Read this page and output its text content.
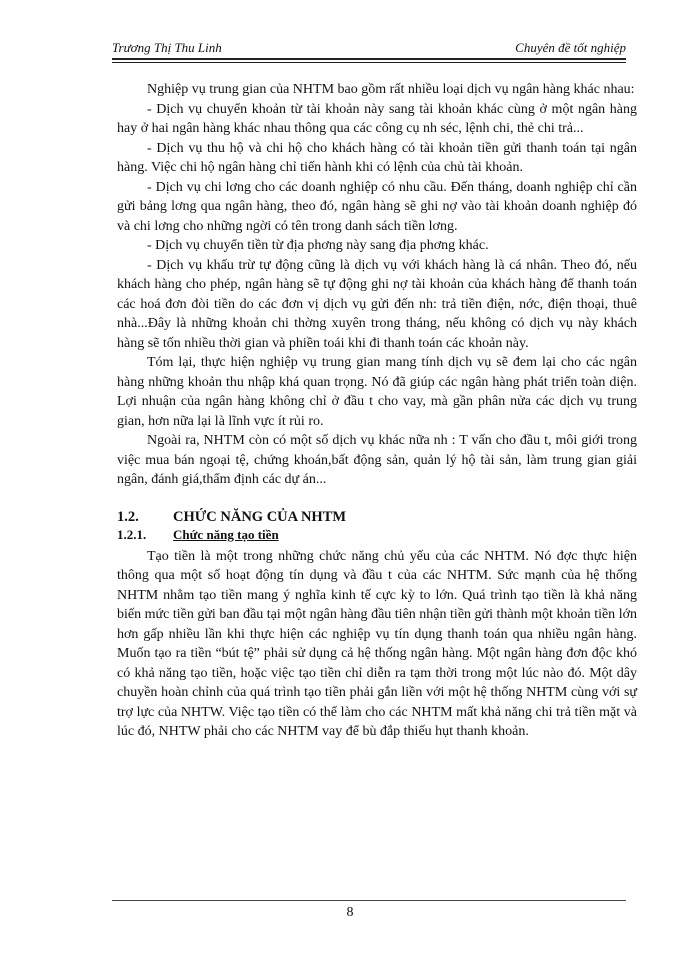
Trương Thị Thu Linh	Chuyên đề tốt nghiệp

Nghiệp vụ trung gian của NHTM bao gồm rất nhiều loại dịch vụ ngân hàng khác nhau:

- Dịch vụ chuyển khoản từ tài khoản này sang tài khoản khác cùng ở một ngân hàng hay ở hai ngân hàng khác nhau thông qua các công cụ nh séc, lệnh chi, thẻ chi trả...

- Dịch vụ thu hộ và chi hộ cho khách hàng có tài khoản tiền gửi thanh toán tại ngân hàng. Việc chi hộ ngân hàng chỉ tiến hành khi có lệnh của chủ tài khoản.

- Dịch vụ chi lơng cho các doanh nghiệp có nhu cầu. Đến tháng, doanh nghiệp chỉ cần gửi bảng lơng qua ngân hàng, theo đó, ngân hàng sẽ ghi nợ vào tài khoản doanh nghiệp đó và chi lơng cho những ngời có tên trong danh sách tiền lơng.

- Dịch vụ chuyển tiền từ địa phơng này sang địa phơng khác.

- Dịch vụ khấu trừ tự động cũng là dịch vụ với khách hàng là cá nhân. Theo đó, nếu khách hàng cho phép, ngân hàng sẽ tự động ghi nợ tài khoản của khách hàng để thanh toán các hoá đơn đòi tiền do các đơn vị dịch vụ gửi đến nh: trả tiền điện, nớc, điện thoại, thuê nhà...Đây là những khoản chi thờng xuyên trong tháng, nếu không có dịch vụ này khách hàng sẽ tốn nhiều thời gian và phiền toái khi đi thanh toán các khoản này.

Tóm lại, thực hiện nghiệp vụ trung gian mang tính dịch vụ sẽ đem lại cho các ngân hàng những khoản thu nhập khá quan trọng. Nó đã giúp các ngân hàng phát triển toàn diện. Lợi nhuận của ngân hàng không chỉ ở đầu t cho vay, mà gần phân nửa các dịch vụ trung gian, hơn nữa lại là lĩnh vực ít rủi ro.

Ngoài ra, NHTM còn có một số dịch vụ khác nữa nh : T vấn cho đầu t, môi giới trong việc mua bán ngoại tệ, chứng khoán,bất động sản, quản lý hộ tài sản, làm trung gian giải ngân, đánh giá,thẩm định các dự án...

1.2. CHỨC NĂNG CỦA NHTM
1.2.1. Chức năng tạo tiền

Tạo tiền là một trong những chức năng chủ yếu của các NHTM. Nó đợc thực hiện thông qua một số hoạt động tín dụng và đầu t của các NHTM. Sức mạnh của hệ thống NHTM nhằm tạo tiền mang ý nghĩa kinh tế cực kỳ to lớn. Quá trình tạo tiền là khả năng biến mức tiền gửi ban đầu tại một ngân hàng đầu tiên nhận tiền gửi thành một khoản tiền lớn hơn gấp nhiều lần khi thực hiện các nghiệp vụ tín dụng thanh toán qua nhiều ngân hàng. Muốn tạo ra tiền “bút tệ” phải sử dụng cả hệ thống ngân hàng. Một ngân hàng đơn độc khó có khả năng tạo tiền, hoặc việc tạo tiền chỉ diễn ra tạm thời trong một lúc nào đó. Một dây chuyền hoàn chỉnh của quá trình tạo tiền phải gắn liền với một hệ thống NHTM cùng với sự trợ lực của NHTW. Việc tạo tiền có thể làm cho các NHTM mất khả năng chi trả tiền mặt và lúc đó, NHTW phải cho các NHTM vay để bù đắp thiếu hụt thanh khoản.

8
